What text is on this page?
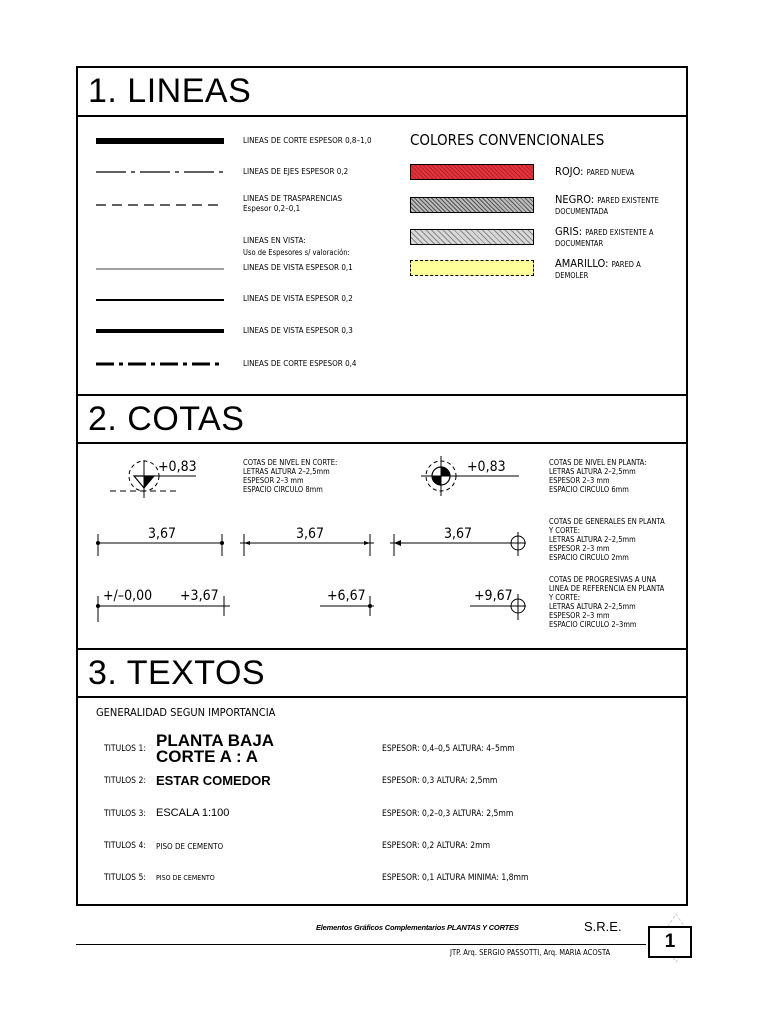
1. LINEAS
LINEAS DE CORTE ESPESOR 0,8–1,0
LINEAS DE EJES ESPESOR 0,2
LINEAS DE TRASPARENCIAS
Espesor 0,2–0,1
LINEAS EN VISTA:
Uso de Espesores s/ valoración:
LINEAS DE VISTA ESPESOR 0,1
LINEAS DE VISTA ESPESOR 0,2
LINEAS DE VISTA ESPESOR 0,3
LINEAS DE CORTE ESPESOR 0,4
COLORES CONVENCIONALES
ROJO: PARED NUEVA
NEGRO: PARED EXISTENTE
DOCUMENTADA
GRIS: PARED EXISTENTE A
DOCUMENTAR
AMARILLO: PARED A
DEMOLER
2. COTAS
+0,83	COTAS DE NIVEL EN CORTE:
LETRAS ALTURA 2–2,5mm
ESPESOR 2–3 mm
ESPACIO CIRCULO 8mm
+0,83	COTAS DE NIVEL EN PLANTA:
LETRAS ALTURA 2–2,5mm
ESPESOR 2–3 mm
ESPACIO CIRCULO 6mm
3,67	3,67	3,67
COTAS DE GENERALES EN PLANTA
Y CORTE:
LETRAS ALTURA 2–2,5mm
ESPESOR 2–3 mm
ESPACIO CIRCULO 2mm
+/–0,00 +3,67	+6,67	+9,67
COTAS DE PROGRESIVAS A UNA
LINEA DE REFERENCIA EN PLANTA
Y CORTE:
LETRAS ALTURA 2–2,5mm
ESPESOR 2–3 mm
ESPACIO CIRCULO 2–3mm
3. TEXTOS
GENERALIDAD SEGUN IMPORTANCIA
TITULOS 1: PLANTA BAJA
CORTE A : A	ESPESOR: 0,4–0,5 ALTURA: 4–5mm
TITULOS 2: ESTAR COMEDOR	ESPESOR: 0,3 ALTURA: 2,5mm
TITULOS 3: ESCALA 1:100	ESPESOR: 0,2–0,3 ALTURA: 2,5mm
TITULOS 4: PISO DE CEMENTO	ESPESOR: 0,2 ALTURA: 2mm
TITULOS 5: PISO DE CEMENTO	ESPESOR: 0,1 ALTURA MINIMA: 1,8mm
Elementos Gráficos Complementarios PLANTAS Y CORTES	S.R.E.
JTP. Arq. SERGIO PASSOTTI, Arq. MARIA ACOSTA
1
